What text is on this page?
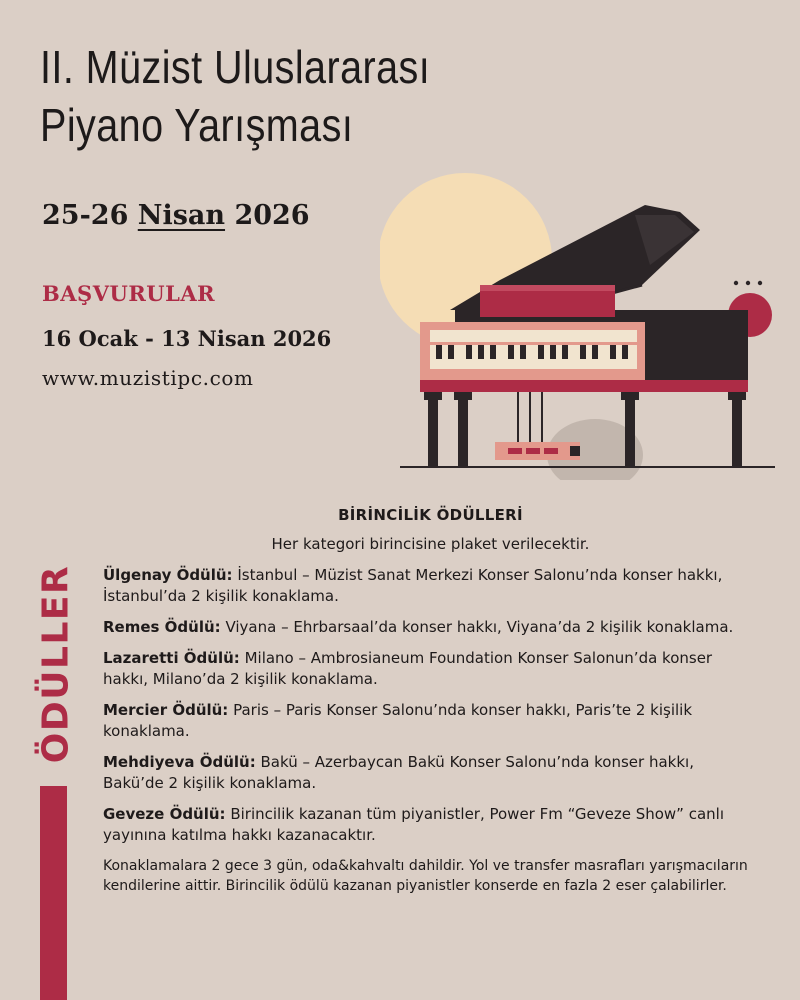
II. Müzist Uluslararası
Piyano Yarışması
25-26 Nisan 2026
BAŞVURULAR
16 Ocak - 13 Nisan 2026
www.muzistipc.com
ÖDÜLLER
BİRİNCİLİK ÖDÜLLERİ
Her kategori birincisine plaket verilecektir.
Ülgenay Ödülü: İstanbul – Müzist Sanat Merkezi Konser Salonu’nda konser hakkı, İstanbul’da 2 kişilik konaklama.
Remes Ödülü: Viyana – Ehrbarsaal’da konser hakkı, Viyana’da 2 kişilik konaklama.
Lazaretti Ödülü: Milano – Ambrosianeum Foundation Konser Salonun’da konser hakkı, Milano’da 2 kişilik konaklama.
Mercier Ödülü: Paris – Paris Konser Salonu’nda konser hakkı, Paris’te 2 kişilik konaklama.
Mehdiyeva Ödülü: Bakü – Azerbaycan Bakü Konser Salonu’nda konser hakkı, Bakü’de 2 kişilik konaklama.
Geveze Ödülü: Birincilik kazanan tüm piyanistler, Power Fm “Geveze Show” canlı yayınına katılma hakkı kazanacaktır.
Konaklamalara 2 gece 3 gün, oda&kahvaltı dahildir. Yol ve transfer masrafları yarışmacıların kendilerine aittir. Birincilik ödülü kazanan piyanistler konserde en fazla 2 eser çalabilirler.
